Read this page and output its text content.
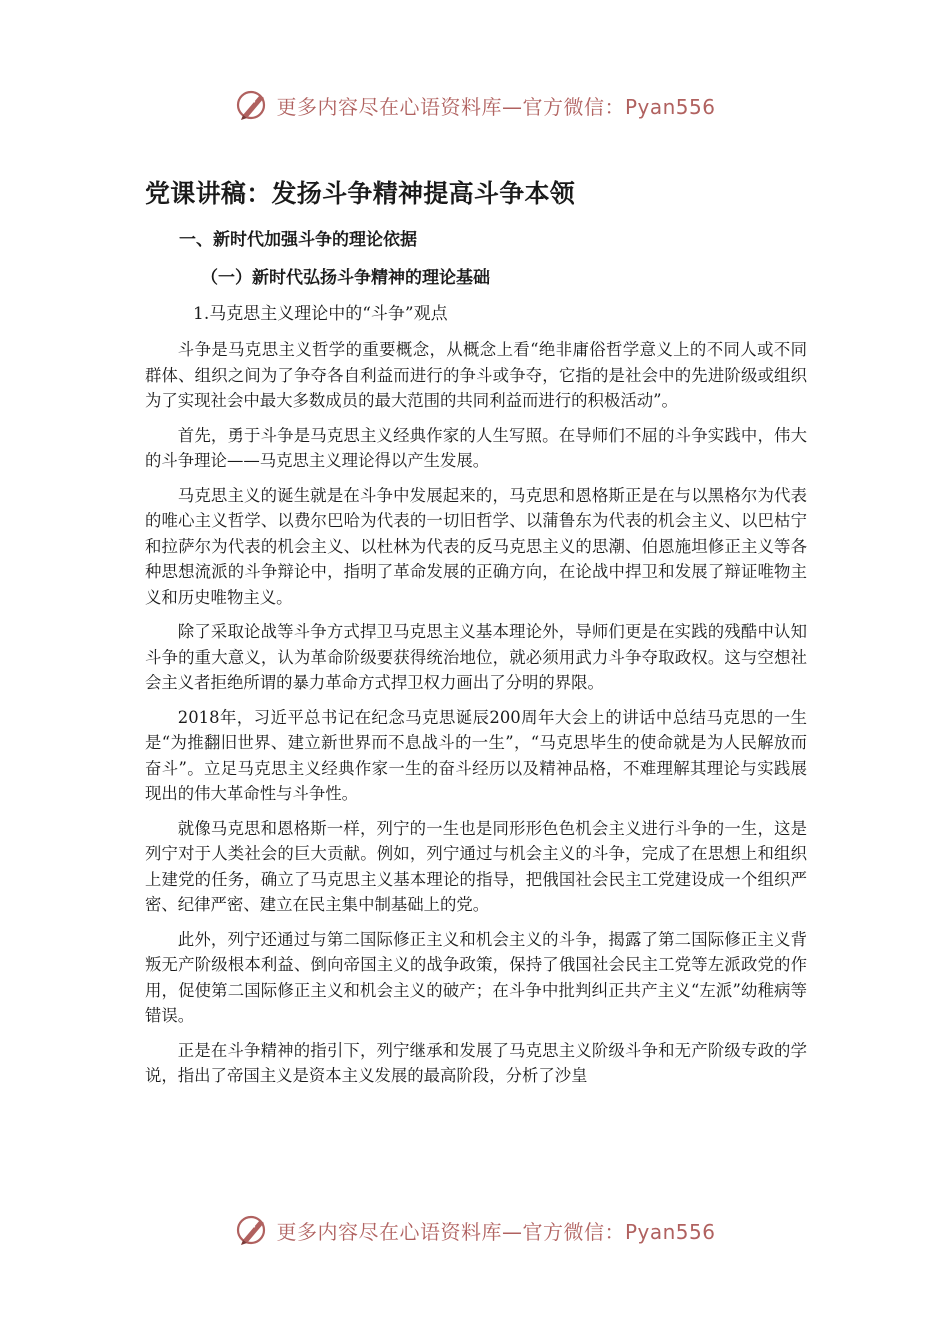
更多内容尽在心语资料库—官方微信：Pyan556
党课讲稿：发扬斗争精神提高斗争本领
一、新时代加强斗争的理论依据
（一）新时代弘扬斗争精神的理论基础
1.马克思主义理论中的“斗争”观点

斗争是马克思主义哲学的重要概念，从概念上看“绝非庸俗哲学意义上的不同人或不同群体、组织之间为了争夺各自利益而进行的争斗或争夺，它指的是社会中的先进阶级或组织为了实现社会中最大多数成员的最大范围的共同利益而进行的积极活动”。

首先，勇于斗争是马克思主义经典作家的人生写照。在导师们不屈的斗争实践中，伟大的斗争理论——马克思主义理论得以产生发展。

马克思主义的诞生就是在斗争中发展起来的，马克思和恩格斯正是在与以黑格尔为代表的唯心主义哲学、以费尔巴哈为代表的一切旧哲学、以蒲鲁东为代表的机会主义、以巴枯宁和拉萨尔为代表的机会主义、以杜林为代表的反马克思主义的思潮、伯恩施坦修正主义等各种思想流派的斗争辩论中，指明了革命发展的正确方向，在论战中捍卫和发展了辩证唯物主义和历史唯物主义。

除了采取论战等斗争方式捍卫马克思主义基本理论外，导师们更是在实践的残酷中认知斗争的重大意义，认为革命阶级要获得统治地位，就必须用武力斗争夺取政权。这与空想社会主义者拒绝所谓的暴力革命方式捍卫权力画出了分明的界限。

2018年，习近平总书记在纪念马克思诞辰200周年大会上的讲话中总结马克思的一生是“为推翻旧世界、建立新世界而不息战斗的一生”，“马克思毕生的使命就是为人民解放而奋斗”。立足马克思主义经典作家一生的奋斗经历以及精神品格，不难理解其理论与实践展现出的伟大革命性与斗争性。

就像马克思和恩格斯一样，列宁的一生也是同形形色色机会主义进行斗争的一生，这是列宁对于人类社会的巨大贡献。例如，列宁通过与机会主义的斗争，完成了在思想上和组织上建党的任务，确立了马克思主义基本理论的指导，把俄国社会民主工党建设成一个组织严密、纪律严密、建立在民主集中制基础上的党。

此外，列宁还通过与第二国际修正主义和机会主义的斗争，揭露了第二国际修正主义背叛无产阶级根本利益、倒向帝国主义的战争政策，保持了俄国社会民主工党等左派政党的作用，促使第二国际修正主义和机会主义的破产；在斗争中批判纠正共产主义“左派”幼稚病等错误。

正是在斗争精神的指引下，列宁继承和发展了马克思主义阶级斗争和无产阶级专政的学说，指出了帝国主义是资本主义发展的最高阶段，分析了沙皇

更多内容尽在心语资料库—官方微信：Pyan556
